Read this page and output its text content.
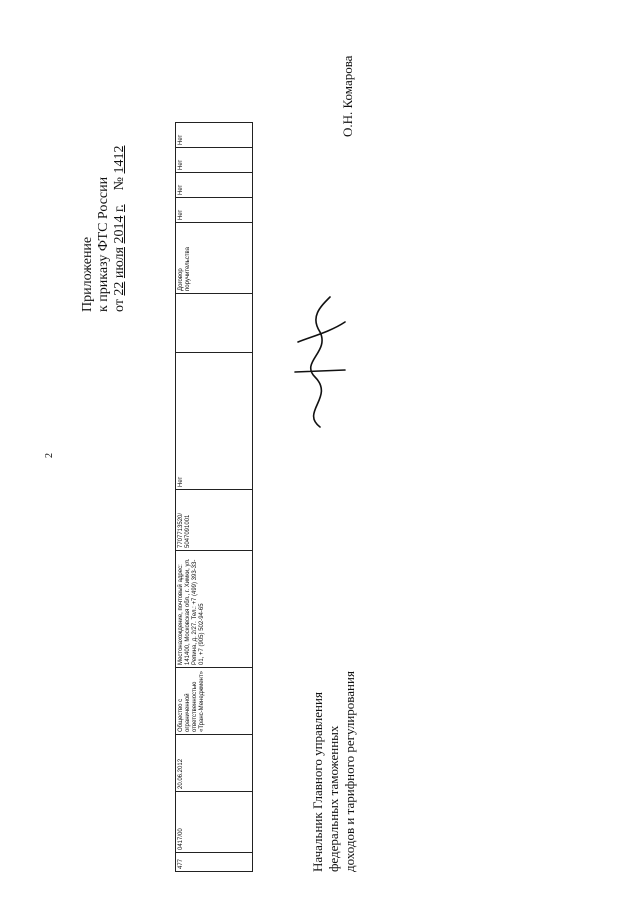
2
477	0417/00	20.06.2012	Общество с ограниченной ответственностью «Транс-Менеджмент»	Местонахождение, почтовый адрес: 141400, Московская обл., г. Химки, ул. Репина, д. 2/27. Тел.: +7 (499) 393-33-01, +7 (905) 502-94-65	7707713520/ 5047091001	Нет		Договор поручительства	Нет	Нет	Нет	Нет
Приложение к приказу ФТС России от 22 июля 2014 г.    № 1412
Начальник Главного управления федеральных таможенных доходов и тарифного регулирования
О.Н. Комарова
